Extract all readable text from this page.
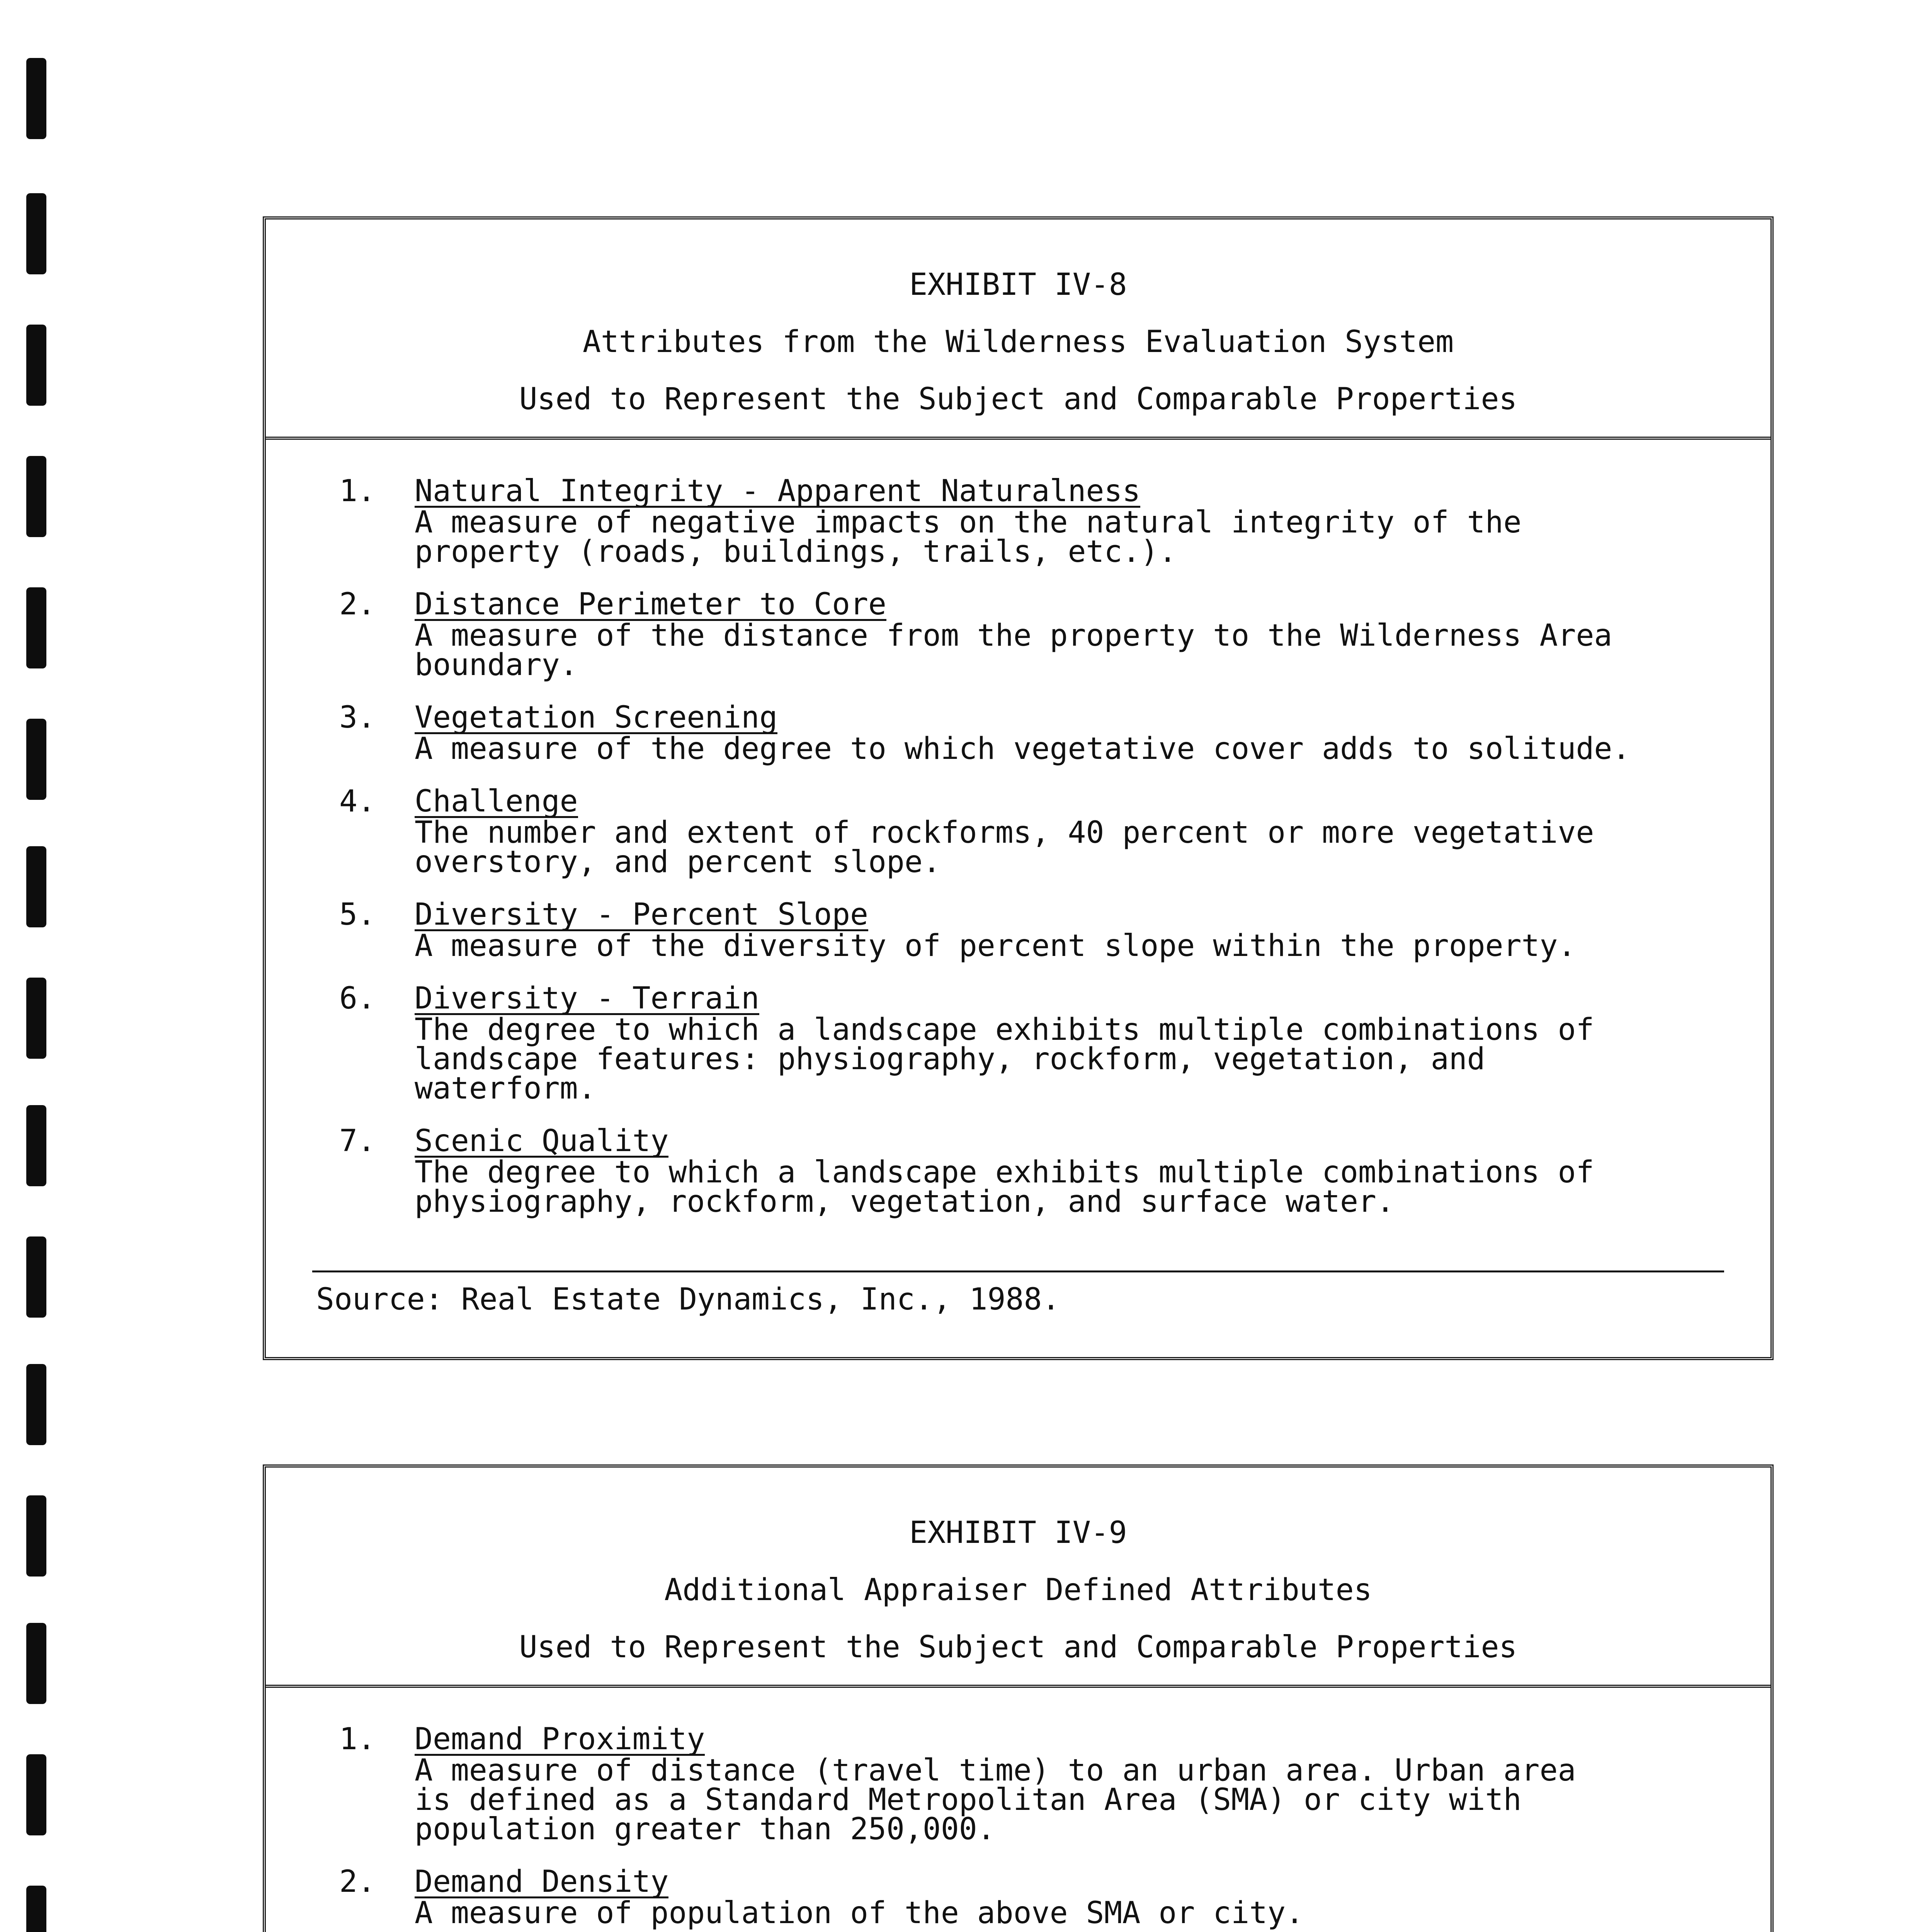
EXHIBIT IV-8
Attributes from the Wilderness Evaluation System
Used to Represent the Subject and Comparable Properties
1.	Natural Integrity - Apparent Naturalness
A measure of negative impacts on the natural integrity of the
property (roads, buildings, trails, etc.).
2.	Distance Perimeter to Core
A measure of the distance from the property to the Wilderness Area
boundary.
3.	Vegetation Screening
A measure of the degree to which vegetative cover adds to solitude.
4.	Challenge
The number and extent of rockforms, 40 percent or more vegetative
overstory, and percent slope.
5.	Diversity - Percent Slope
A measure of the diversity of percent slope within the property.
6.	Diversity - Terrain
The degree to which a landscape exhibits multiple combinations of
landscape features: physiography, rockform, vegetation, and
waterform.
7.	Scenic Quality
The degree to which a landscape exhibits multiple combinations of
physiography, rockform, vegetation, and surface water.
Source: Real Estate Dynamics, Inc., 1988.
EXHIBIT IV-9
Additional Appraiser Defined Attributes
Used to Represent the Subject and Comparable Properties
1.	Demand Proximity
A measure of distance (travel time) to an urban area. Urban area
is defined as a Standard Metropolitan Area (SMA) or city with
population greater than 250,000.
2.	Demand Density
A measure of population of the above SMA or city.
